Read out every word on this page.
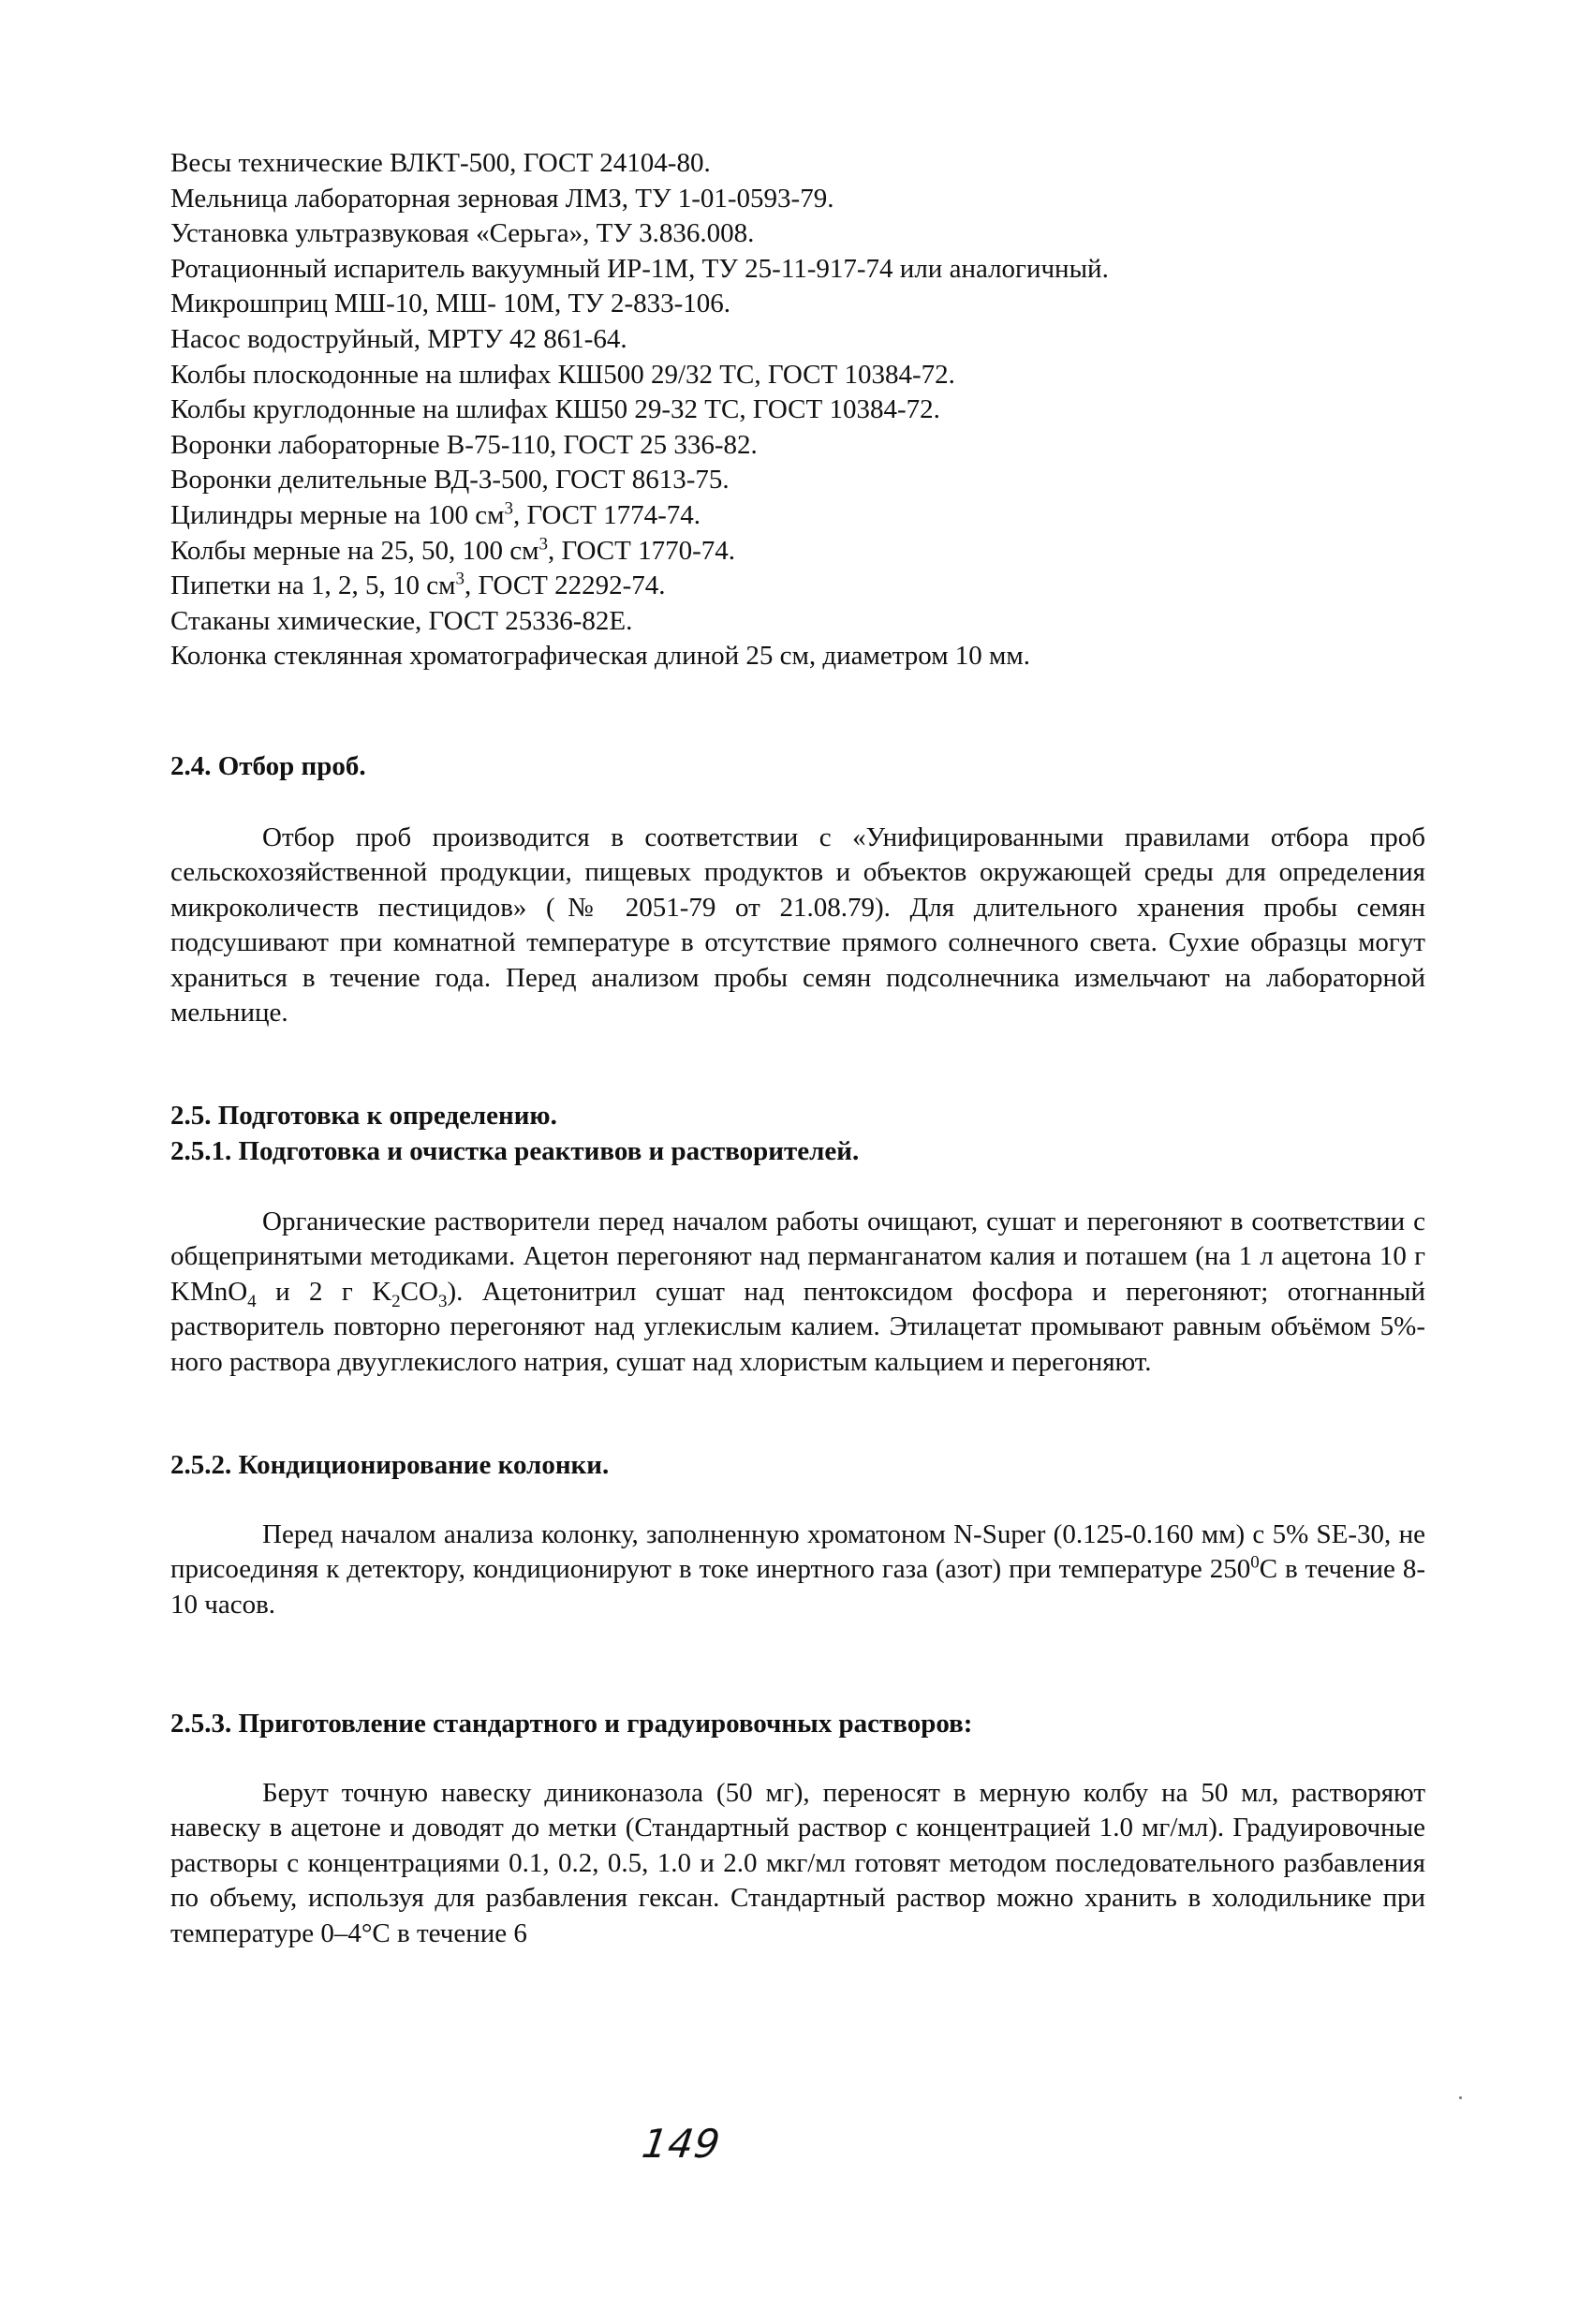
Весы технические ВЛКТ-500, ГОСТ 24104-80.
Мельница лабораторная зерновая ЛМЗ, ТУ 1-01-0593-79.
Установка ультразвуковая «Серьга», ТУ 3.836.008.
Ротационный испаритель вакуумный ИР-1М, ТУ 25-11-917-74 или аналогичный.
Микрошприц МШ-10, МШ- 10М, ТУ 2-833-106.
Насос водоструйный, МРТУ 42 861-64.
Колбы плоскодонные на шлифах КШ500 29/32 ТС, ГОСТ 10384-72.
Колбы круглодонные на шлифах КШ50 29-32 ТС, ГОСТ 10384-72.
Воронки лабораторные В-75-110, ГОСТ 25 336-82.
Воронки делительные ВД-3-500, ГОСТ 8613-75.
Цилиндры мерные на 100 $см^3$, ГОСТ 1774-74.
Колбы мерные на 25, 50, 100 $см^3$, ГОСТ 1770-74.
Пипетки на 1, 2, 5, 10 $см^3$, ГОСТ 22292-74.
Стаканы химические, ГОСТ 25336-82Е.
Колонка стеклянная хроматографическая длиной 25 см, диаметром 10 мм.
2.4. Отбор проб.

Отбор проб производится в соответствии с «Унифицированными правилами отбора проб сельскохозяйственной продукции, пищевых продуктов и объектов окружающей среды для определения микроколичеств пестицидов» (№ 2051-79 от 21.08.79). Для длительного хранения пробы семян подсушивают при комнатной температуре в отсутствие прямого солнечного света. Сухие образцы могут храниться в течение года. Перед анализом пробы семян подсолнечника измельчают на лабораторной мельнице.

2.5. Подготовка к определению.
2.5.1. Подготовка и очистка реактивов и растворителей.

Органические растворители перед началом работы очищают, сушат и перегоняют в соответствии с общепринятыми методиками. Ацетон перегоняют над перманганатом калия и поташем (на 1 л ацетона 10 г KMnO$_4$ и 2 г $K_2CO_3$). Ацетонитрил сушат над пентоксидом фосфора и перегоняют; отогнанный растворитель повторно перегоняют над углекислым калием. Этилацетат промывают равным объёмом 5%-ного раствора двууглекислого натрия, сушат над хлористым кальцием и перегоняют.

2.5.2. Кондиционирование колонки.

Перед началом анализа колонку, заполненную хроматоном N-Super (0.125-0.160 мм) с 5% SE-30, не присоединяя к детектору, кондиционируют в токе инертного газа (азот) при температуре $250^0С$ в течение 8-10 часов.

2.5.3. Приготовление стандартного и градуировочных растворов:

Берут точную навеску диниконазола (50 мг), переносят в мерную колбу на 50 мл, растворяют навеску в ацетоне и доводят до метки (Стандартный раствор с концентрацией 1.0 мг/мл). Градуировочные растворы с концентрациями 0.1, 0.2, 0.5, 1.0 и 2.0 мкг/мл готовят методом последовательного разбавления по объему, используя для разбавления гексан. Стандартный раствор можно хранить в холодильнике при температуре 0–4°С в течение 6

149
